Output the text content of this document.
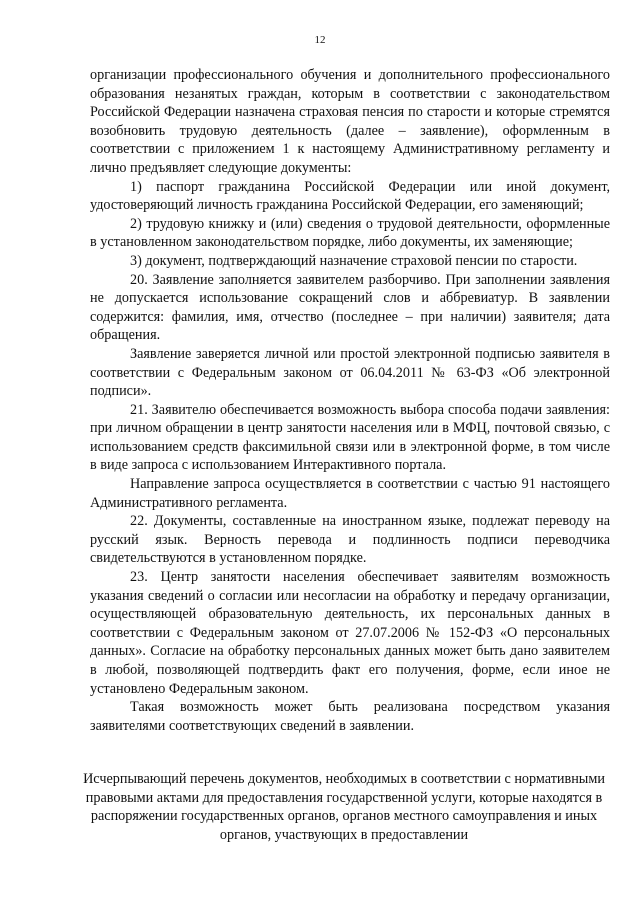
12

организации профессионального обучения и дополнительного профессионального образования незанятых граждан, которым в соответствии с законодательством Российской Федерации назначена страховая пенсия по старости и которые стремятся возобновить трудовую деятельность (далее – заявление), оформленным в соответствии с приложением 1 к настоящему Административному регламенту и лично предъявляет следующие документы:

1) паспорт гражданина Российской Федерации или иной документ, удостоверяющий личность гражданина Российской Федерации, его заменяющий;

2) трудовую книжку и (или) сведения о трудовой деятельности, оформленные в установленном законодательством порядке, либо документы, их заменяющие;

3) документ, подтверждающий назначение страховой пенсии по старости.

20. Заявление заполняется заявителем разборчиво. При заполнении заявления не допускается использование сокращений слов и аббревиатур. В заявлении содержится: фамилия, имя, отчество (последнее – при наличии) заявителя; дата обращения.

Заявление заверяется личной или простой электронной подписью заявителя в соответствии с Федеральным законом от 06.04.2011 № 63-ФЗ «Об электронной подписи».

21. Заявителю обеспечивается возможность выбора способа подачи заявления: при личном обращении в центр занятости населения или в МФЦ, почтовой связью, с использованием средств факсимильной связи или в электронной форме, в том числе в виде запроса с использованием Интерактивного портала.

Направление запроса осуществляется в соответствии с частью 91 настоящего Административного регламента.

22. Документы, составленные на иностранном языке, подлежат переводу на русский язык. Верность перевода и подлинность подписи переводчика свидетельствуются в установленном порядке.

23. Центр занятости населения обеспечивает заявителям возможность указания сведений о согласии или несогласии на обработку и передачу организации, осуществляющей образовательную деятельность, их персональных данных в соответствии с Федеральным законом от 27.07.2006 № 152-ФЗ «О персональных данных». Согласие на обработку персональных данных может быть дано заявителем в любой, позволяющей подтвердить факт его получения, форме, если иное не установлено Федеральным законом.

Такая возможность может быть реализована посредством указания заявителями соответствующих сведений в заявлении.

Исчерпывающий перечень документов, необходимых в соответствии с нормативными правовыми актами для предоставления государственной услуги, которые находятся в распоряжении государственных органов, органов местного самоуправления и иных органов, участвующих в предоставлении
